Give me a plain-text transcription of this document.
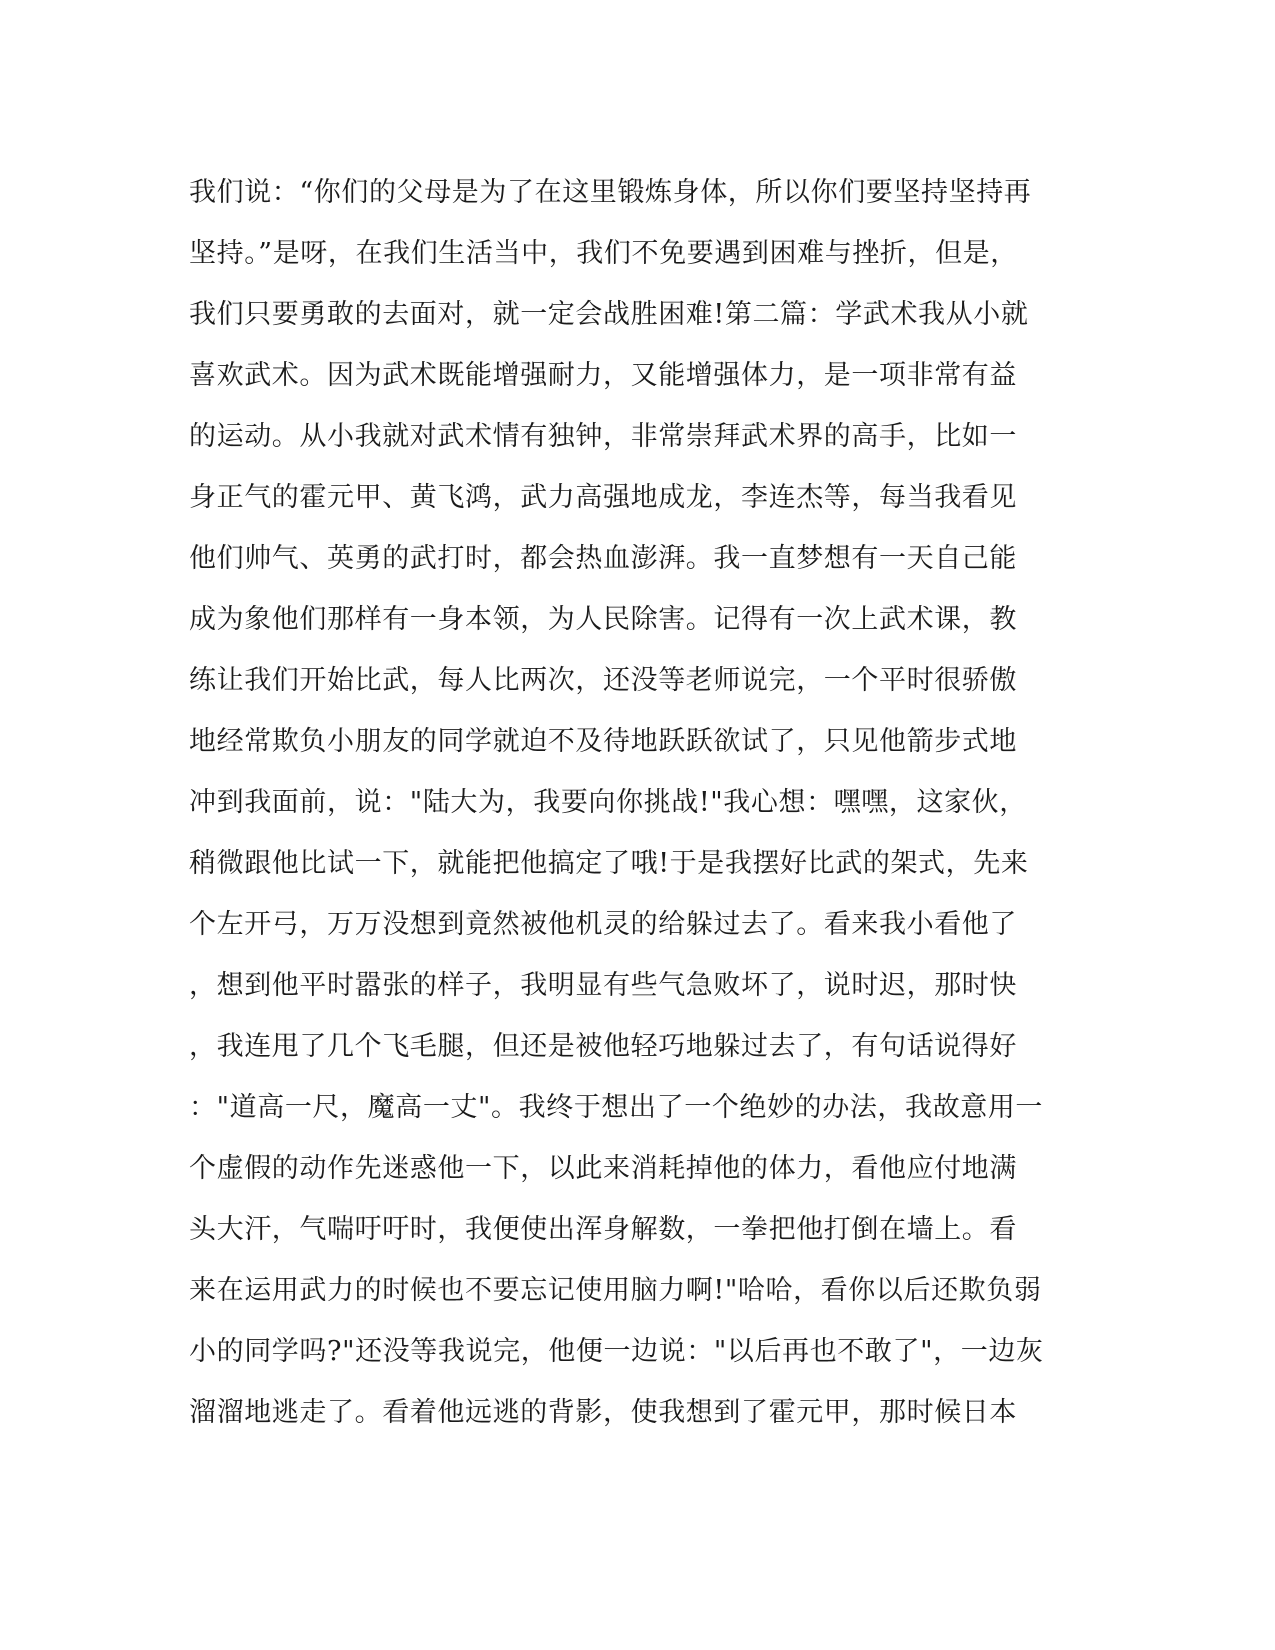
我们说：“你们的父母是为了在这里锻炼身体，所以你们要坚持坚持再
坚持。”是呀，在我们生活当中，我们不免要遇到困难与挫折，但是，
我们只要勇敢的去面对，就一定会战胜困难!第二篇：学武术我从小就
喜欢武术。因为武术既能增强耐力，又能增强体力，是一项非常有益
的运动。从小我就对武术情有独钟，非常崇拜武术界的高手，比如一
身正气的霍元甲、黄飞鸿，武力高强地成龙，李连杰等，每当我看见
他们帅气、英勇的武打时，都会热血澎湃。我一直梦想有一天自己能
成为象他们那样有一身本领，为人民除害。记得有一次上武术课，教
练让我们开始比武，每人比两次，还没等老师说完，一个平时很骄傲
地经常欺负小朋友的同学就迫不及待地跃跃欲试了，只见他箭步式地
冲到我面前，说："陆大为，我要向你挑战!"我心想：嘿嘿，这家伙，
稍微跟他比试一下，就能把他搞定了哦!于是我摆好比武的架式，先来
个左开弓，万万没想到竟然被他机灵的给躲过去了。看来我小看他了
，想到他平时嚣张的样子，我明显有些气急败坏了，说时迟，那时快
，我连甩了几个飞毛腿，但还是被他轻巧地躲过去了，有句话说得好
："道高一尺，魔高一丈"。我终于想出了一个绝妙的办法，我故意用一
个虚假的动作先迷惑他一下，以此来消耗掉他的体力，看他应付地满
头大汗，气喘吁吁时，我便使出浑身解数，一拳把他打倒在墙上。看
来在运用武力的时候也不要忘记使用脑力啊!"哈哈，看你以后还欺负弱
小的同学吗?"还没等我说完，他便一边说："以后再也不敢了"，一边灰
溜溜地逃走了。看着他远逃的背影，使我想到了霍元甲，那时候日本
